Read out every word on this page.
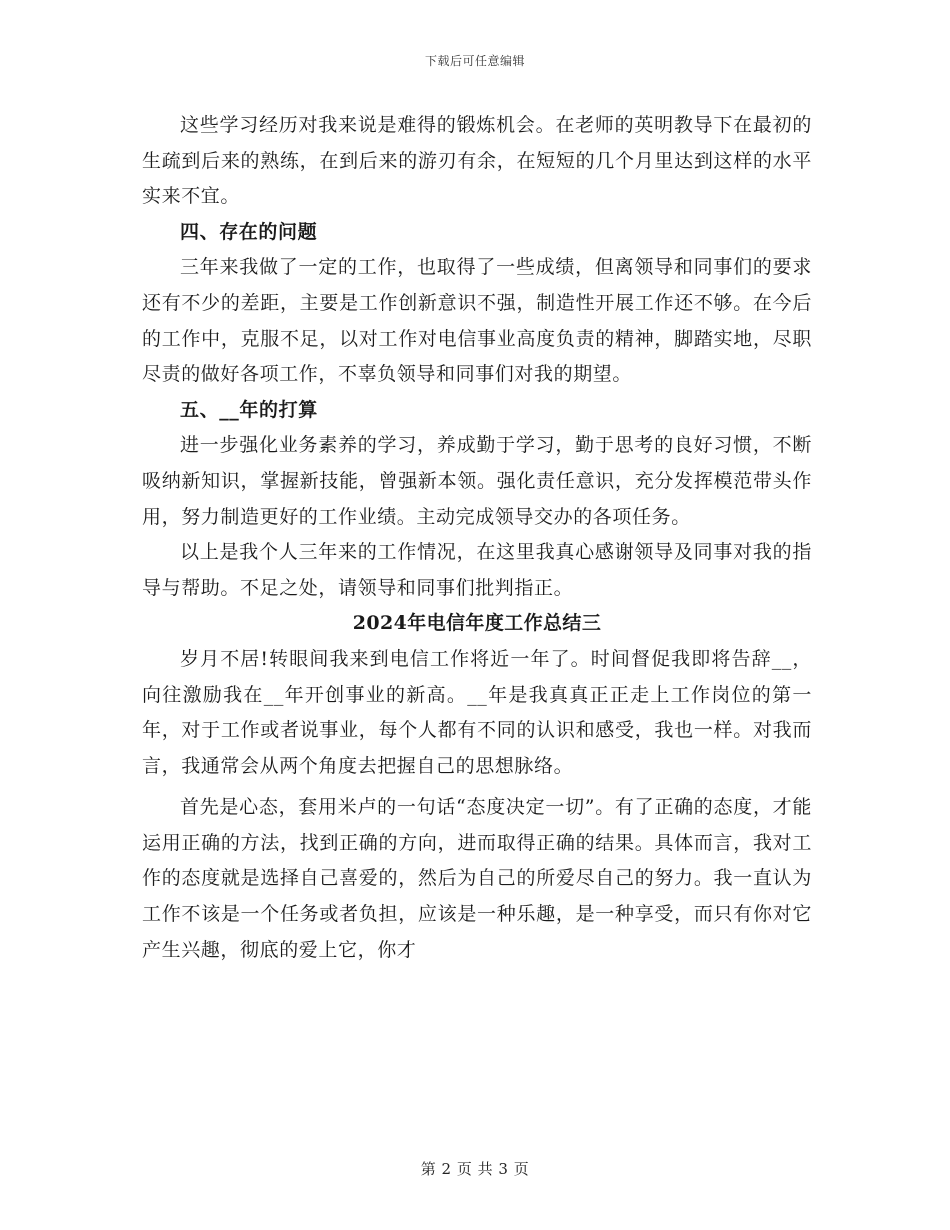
下载后可任意编辑

这些学习经历对我来说是难得的锻炼机会。在老师的英明教导下在最初的生疏到后来的熟练，在到后来的游刃有余，在短短的几个月里达到这样的水平实来不宜。

四、存在的问题

三年来我做了一定的工作，也取得了一些成绩，但离领导和同事们的要求还有不少的差距，主要是工作创新意识不强，制造性开展工作还不够。在今后的工作中，克服不足，以对工作对电信事业高度负责的精神，脚踏实地，尽职尽责的做好各项工作，不辜负领导和同事们对我的期望。

五、__年的打算

进一步强化业务素养的学习，养成勤于学习，勤于思考的良好习惯，不断吸纳新知识，掌握新技能，曾强新本领。强化责任意识，充分发挥模范带头作用，努力制造更好的工作业绩。主动完成领导交办的各项任务。

以上是我个人三年来的工作情况，在这里我真心感谢领导及同事对我的指导与帮助。不足之处，请领导和同事们批判指正。

2024年电信年度工作总结三

岁月不居!转眼间我来到电信工作将近一年了。时间督促我即将告辞__，向往激励我在__年开创事业的新高。__年是我真真正正走上工作岗位的第一年，对于工作或者说事业，每个人都有不同的认识和感受，我也一样。对我而言，我通常会从两个角度去把握自己的思想脉络。

首先是心态，套用米卢的一句话“态度决定一切”。有了正确的态度，才能运用正确的方法，找到正确的方向，进而取得正确的结果。具体而言，我对工作的态度就是选择自己喜爱的，然后为自己的所爱尽自己的努力。我一直认为工作不该是一个任务或者负担，应该是一种乐趣，是一种享受，而只有你对它产生兴趣，彻底的爱上它，你才

第 2 页 共 3 页
